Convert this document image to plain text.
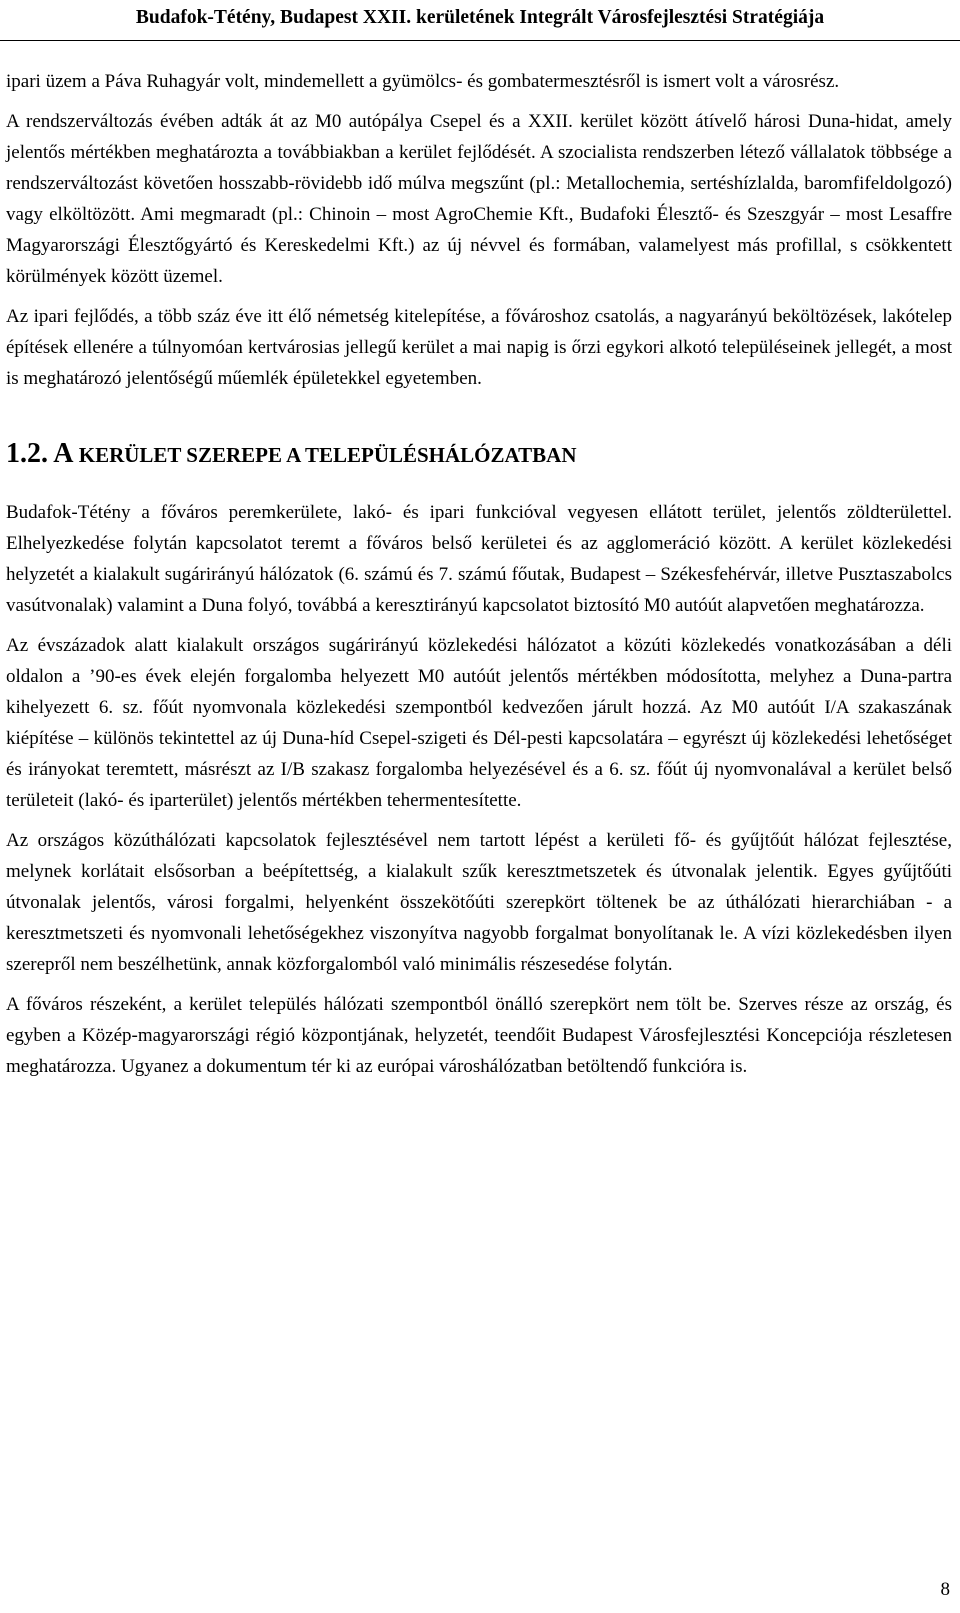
Budafok-Tétény, Budapest XXII. kerületének Integrált Városfejlesztési Stratégiája

ipari üzem a Páva Ruhagyár volt, mindemellett a gyümölcs- és gombatermesztésről is ismert volt a városrész.

A rendszerváltozás évében adták át az M0 autópálya Csepel és a XXII. kerület között átívelő hárosi Duna-hidat, amely jelentős mértékben meghatározta a továbbiakban a kerület fejlődését. A szocialista rendszerben létező vállalatok többsége a rendszerváltozást követően hosszabb-rövidebb idő múlva megszűnt (pl.: Metallochemia, sertéshízlalda, baromfifeldolgozó) vagy elköltözött. Ami megmaradt (pl.: Chinoin – most AgroChemie Kft., Budafoki Élesztő- és Szeszgyár – most Lesaffre Magyarországi Élesztőgyártó és Kereskedelmi Kft.) az új névvel és formában, valamelyest más profillal, s csökkentett körülmények között üzemel.

Az ipari fejlődés, a több száz éve itt élő németség kitelepítése, a fővároshoz csatolás, a nagyarányú beköltözések, lakótelep építések ellenére a túlnyomóan kertvárosias jellegű kerület a mai napig is őrzi egykori alkotó településeinek jellegét, a most is meghatározó jelentőségű műemlék épületekkel egyetemben.

1.2. A KERÜLET SZEREPE A TELEPÜLÉSHÁLÓZATBAN

Budafok-Tétény a főváros peremkerülete, lakó- és ipari funkcióval vegyesen ellátott terület, jelentős zöldterülettel. Elhelyezkedése folytán kapcsolatot teremt a főváros belső kerületei és az agglomeráció között. A kerület közlekedési helyzetét a kialakult sugárirányú hálózatok (6. számú és 7. számú főutak, Budapest – Székesfehérvár, illetve Pusztaszabolcs vasútvonalak) valamint a Duna folyó, továbbá a keresztirányú kapcsolatot biztosító M0 autóút alapvetően meghatározza.

Az évszázadok alatt kialakult országos sugárirányú közlekedési hálózatot a közúti közlekedés vonatkozásában a déli oldalon a ’90-es évek elején forgalomba helyezett M0 autóút jelentős mértékben módosította, melyhez a Duna-partra kihelyezett 6. sz. főút nyomvonala közlekedési szempontból kedvezően járult hozzá. Az M0 autóút I/A szakaszának kiépítése – különös tekintettel az új Duna-híd Csepel-szigeti és Dél-pesti kapcsolatára – egyrészt új közlekedési lehetőséget és irányokat teremtett, másrészt az I/B szakasz forgalomba helyezésével és a 6. sz. főút új nyomvonalával a kerület belső területeit (lakó- és iparterület) jelentős mértékben tehermentesítette.

Az országos közúthálózati kapcsolatok fejlesztésével nem tartott lépést a kerületi fő- és gyűjtőút hálózat fejlesztése, melynek korlátait elsősorban a beépítettség, a kialakult szűk keresztmetszetek és útvonalak jelentik. Egyes gyűjtőúti útvonalak jelentős, városi forgalmi, helyenként összekötőúti szerepkört töltenek be az úthálózati hierarchiában - a keresztmetszeti és nyomvonali lehetőségekhez viszonyítva nagyobb forgalmat bonyolítanak le. A vízi közlekedésben ilyen szerepről nem beszélhetünk, annak közforgalomból való minimális részesedése folytán.

A főváros részeként, a kerület település hálózati szempontból önálló szerepkört nem tölt be. Szerves része az ország, és egyben a Közép-magyarországi régió központjának, helyzetét, teendőit Budapest Városfejlesztési Koncepciója részletesen meghatározza. Ugyanez a dokumentum tér ki az európai városhálózatban betöltendő funkcióra is.

8
